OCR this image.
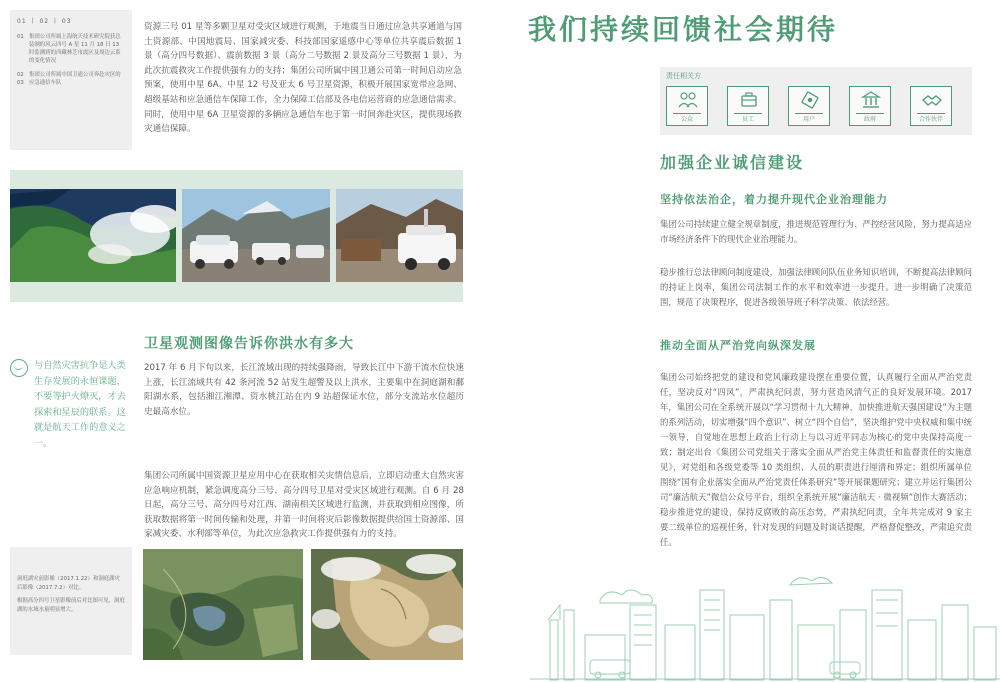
01 丨 02 丨 03
01 集团公司所属上海航天技术研究院获总装制的风云四号 A 星 11 月 18 日 13 时监测到的西藏林芝市震区及周边云系的变化情况
02 03
集团公司所属中国卫通公司奔赴灾区的应急通信车队

资源三号 01 星等多颗卫星对受灾区域进行观测，于地震当日通过应急共享通道与国土资源部、中国地震局、国家减灾委、科技部国家遥感中心等单位共享震后数据 1 景（高分四号数据）、震前数据 3 景（高分二号数据 2 景及高分三号数据 1 景），为此次抗震救灾工作提供强有力的支持；集团公司所属中国卫通公司第一时间启动应急预案，使用中星 6A、中星 12 号及亚太 6 号卫星资源，积极开展国家宽带应急网、超级基站和应急通信车保障工作，全力保障工信部及各电信运营商的应急通信需求。同时，使用中星 6A 卫星资源的多辆应急通信车也于第一时间奔赴灾区，提供现场救灾通信保障。

卫星观测图像告诉你洪水有多大

与自然灾害抗争是人类生存发展的永恒课题，不要等护火燎灭，才去探索和星辰的联系。这就是航天工作的意义之一。

2017 年 6 月下旬以来，长江流域出现的持续强降雨，导致长江中下游干流水位快速上涨，长江流域共有 42 条河流 52 站发生超警及以上洪水，主要集中在洞庭湖和鄱阳湖水系，包括湘江湘潭、资水桃江站在内 9 站超保证水位，部分支流站水位超历史最高水位。

集团公司所属中国资源卫星应用中心在获取相关灾情信息后，立即启动重大自然灾害应急响应机制，紧急调度高分三号、高分四号卫星对受灾区域进行观测。自 6 月 28 日起，高分三号、高分四号对江西、湖南相关区域进行监测，并获取到相应图像，所获取数据将第一时间传输和处理，并第一时间将灾后影像数据提供给国土资源部、国家减灾委、水利部等单位，为此次应急救灾工作提供强有力的支持。

洞庭湖灾前影像（2017.1.22）和洞庭湖灾后影像（2017.7.2）对比。

根据高分四号卫星影像前后对比图可见，洞庭湖的水域水量明显增大。

我们持续回馈社会期待
责任相关方
公众	员工	用户	政府	合作伙伴
加强企业诚信建设
坚持依法治企，着力提升现代企业治理能力

集团公司持续建立健全规章制度，推进规范管理行为、严控经营风险，努力提高适应市场经济条件下的现代企业治理能力。

稳步推行总法律顾问制度建设，加强法律顾问队伍业务知识培训，不断提高法律顾问的持证上岗率，集团公司法制工作的水平和效率进一步提升。进一步明确了决策范围，规范了决策程序，促进各级领导班子科学决策、依法经营。

推动全面从严治党向纵深发展

集团公司始终把党的建设和党风廉政建设摆在重要位置，认真履行全面从严治党责任，坚决反对“四风”，严肃执纪问责，努力营造风清气正的良好发展环境。2017 年，集团公司在全系统开展以“学习贯彻十九大精神，加快推进航天强国建设”为主题的系列活动，切实增强“四个意识”、树立“四个自信”，坚决维护党中央权威和集中统一领导，自觉地在思想上政治上行动上与以习近平同志为核心的党中央保持高度一致；制定出台《集团公司党组关于落实全面从严治党主体责任和监督责任的实施意见》，对党组和各级党委等 10 类组织、人员的职责进行厘清和界定；组织所属单位围绕“国有企业落实全面从严治党责任体系研究”等开展课题研究；建立并运行集团公司“廉洁航天”微信公众号平台，组织全系统开展“廉洁航天 · 微视频”创作大赛活动；稳步推进党的建设，保持反腐败的高压态势，严肃执纪问责，全年共完成对 9 家主要二级单位的巡视任务，针对发现的问题及时谈话提醒，严格督促整改，严肃追究责任。
